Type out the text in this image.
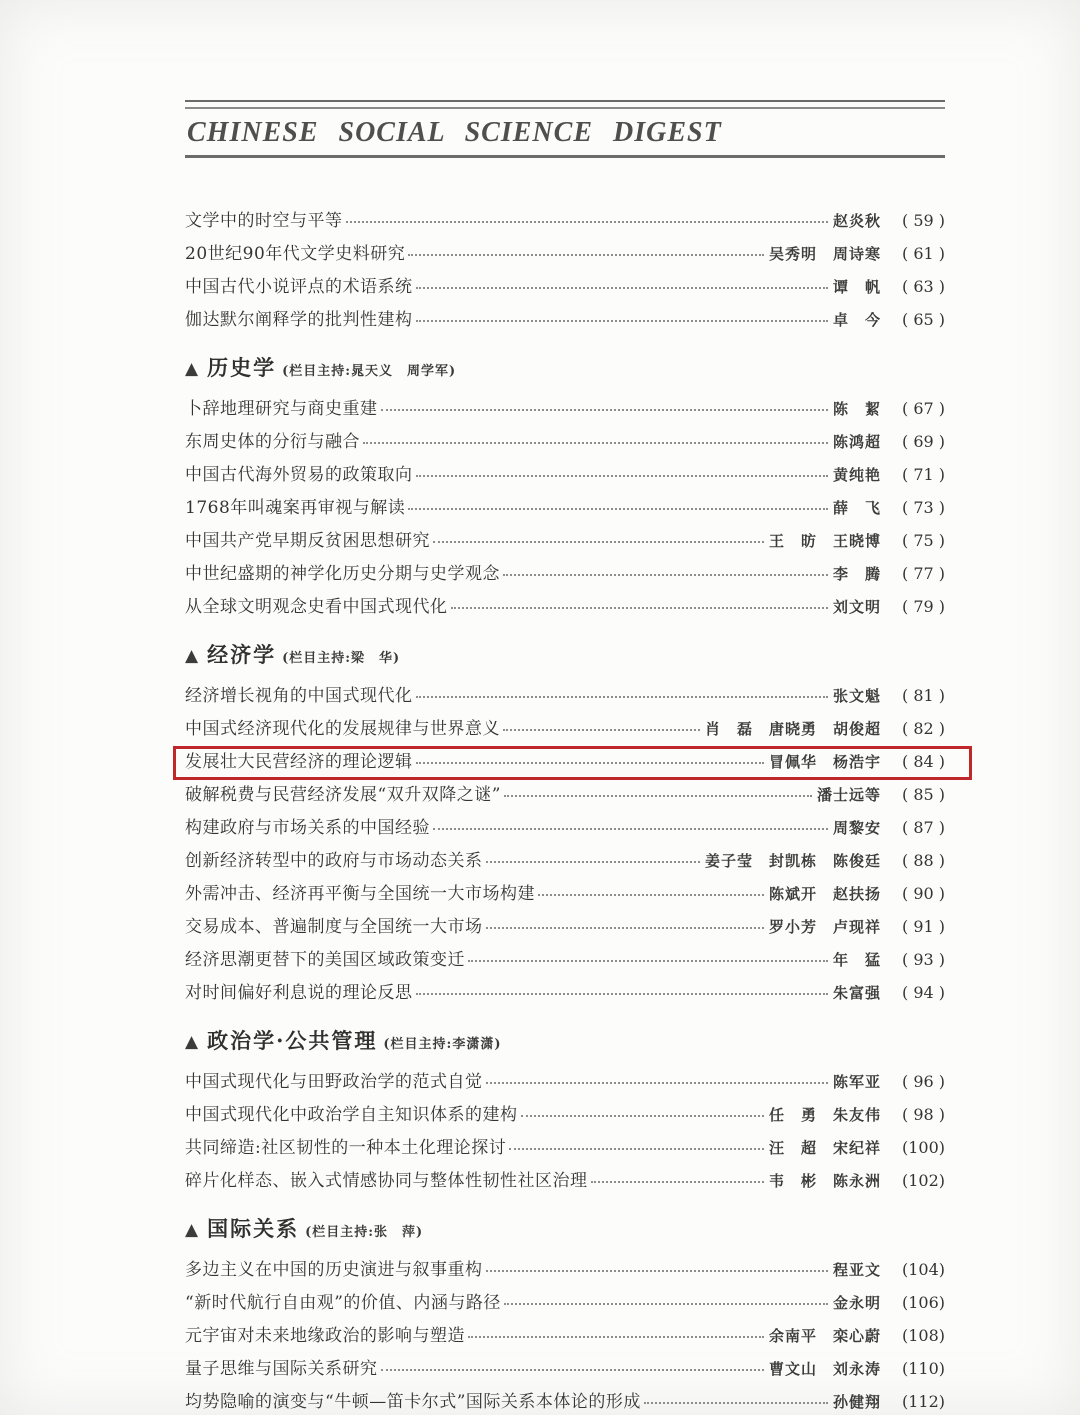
CHINESE SOCIAL SCIENCE DIGEST
文学中的时空与平等	赵炎秋	( 59 )
20世纪90年代文学史料研究	吴秀明　周诗寒	( 61 )
中国古代小说评点的术语系统	谭　帆	( 63 )
伽达默尔阐释学的批判性建构	卓　今	( 65 )
▲ 历史学 (栏目主持:晁天义　周学军)
卜辞地理研究与商史重建	陈　絜	( 67 )
东周史体的分衍与融合	陈鸿超	( 69 )
中国古代海外贸易的政策取向	黄纯艳	( 71 )
1768年叫魂案再审视与解读	薛　飞	( 73 )
中国共产党早期反贫困思想研究	王　昉　王晓博	( 75 )
中世纪盛期的神学化历史分期与史学观念	李　腾	( 77 )
从全球文明观念史看中国式现代化	刘文明	( 79 )
▲ 经济学 (栏目主持:梁　华)
经济增长视角的中国式现代化	张文魁	( 81 )
中国式经济现代化的发展规律与世界意义	肖　磊　唐晓勇　胡俊超	( 82 )
发展壮大民营经济的理论逻辑	冒佩华　杨浩宇	( 84 )
破解税费与民营经济发展“双升双降之谜”	潘士远等	( 85 )
构建政府与市场关系的中国经验	周黎安	( 87 )
创新经济转型中的政府与市场动态关系	姜子莹　封凯栋　陈俊廷	( 88 )
外需冲击、经济再平衡与全国统一大市场构建	陈斌开　赵扶扬	( 90 )
交易成本、普遍制度与全国统一大市场	罗小芳　卢现祥	( 91 )
经济思潮更替下的美国区域政策变迁	年　猛	( 93 )
对时间偏好利息说的理论反思	朱富强	( 94 )
▲ 政治学·公共管理 (栏目主持:李潇潇)
中国式现代化与田野政治学的范式自觉	陈军亚	( 96 )
中国式现代化中政治学自主知识体系的建构	任　勇　朱友伟	( 98 )
共同缔造:社区韧性的一种本土化理论探讨	汪　超　宋纪祥	(100)
碎片化样态、嵌入式情感协同与整体性韧性社区治理	韦　彬　陈永洲	(102)
▲ 国际关系 (栏目主持:张　萍)
多边主义在中国的历史演进与叙事重构	程亚文	(104)
“新时代航行自由观”的价值、内涵与路径	金永明	(106)
元宇宙对未来地缘政治的影响与塑造	余南平　栾心蔚	(108)
量子思维与国际关系研究	曹文山　刘永涛	(110)
均势隐喻的演变与“牛顿—笛卡尔式”国际关系本体论的形成	孙健翔	(112)
